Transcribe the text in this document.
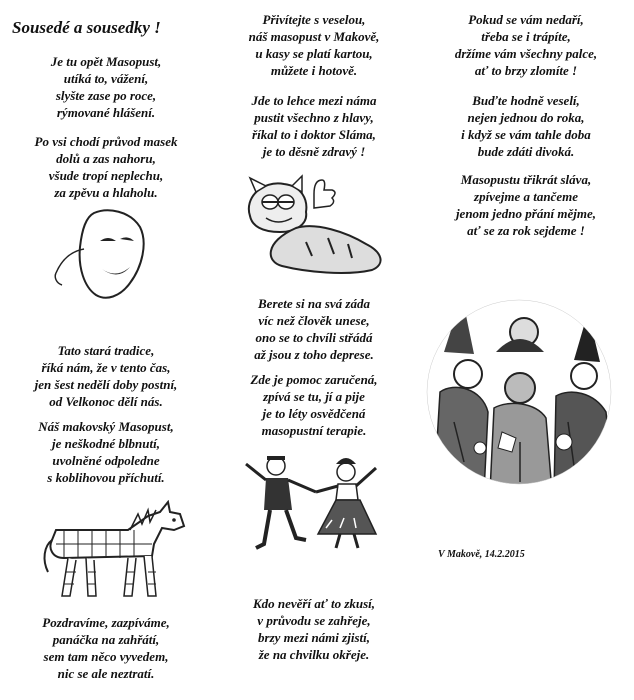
Sousedé a sousedky !
Je tu opět Masopust,
utíká to, vážení,
slyšte zase po roce,
rýmované hlášení.
Po vsi chodí průvod masek
dolů a zas nahoru,
všude tropí neplechu,
za zpěvu a hlaholu.
Tato stará tradice,
říká nám, že v tento čas,
jen šest nedělí doby postní,
od Velkonoc dělí nás.
Náš makovský Masopust,
je neškodné blbnutí,
uvolněné odpoledne
s koblihovou příchutí.
Pozdravíme, zazpíváme,
panáčka na zahřátí,
sem tam něco vyvedem,
nic se ale neztratí.
Přivítejte s veselou,
náš masopust v Makově,
u kasy se platí kartou,
můžete i hotově.
Jde to lehce mezi náma
pustit všechno z hlavy,
říkal to i doktor Sláma,
je to děsně zdravý !
Berete si na svá záda
víc než člověk unese,
ono se to chvíli střádá
až jsou z toho deprese.
Zde je pomoc zaručená,
zpívá se tu, jí a pije
je to léty osvědčená
masopustní terapie.
Kdo nevěří ať to zkusí,
v průvodu se zahřeje,
brzy mezi námi zjistí,
že na chvilku okřeje.
Pokud se vám nedaří,
třeba se i trápíte,
držíme vám všechny palce,
ať to brzy zlomíte !
Buďte hodně veselí,
nejen jednou do roka,
i když se vám tahle doba
bude zdáti divoká.
Masopustu třikrát sláva,
zpívejme a tančeme
jenom jedno přání mějme,
ať se za rok sejdeme !
V Makově, 14.2.2015
